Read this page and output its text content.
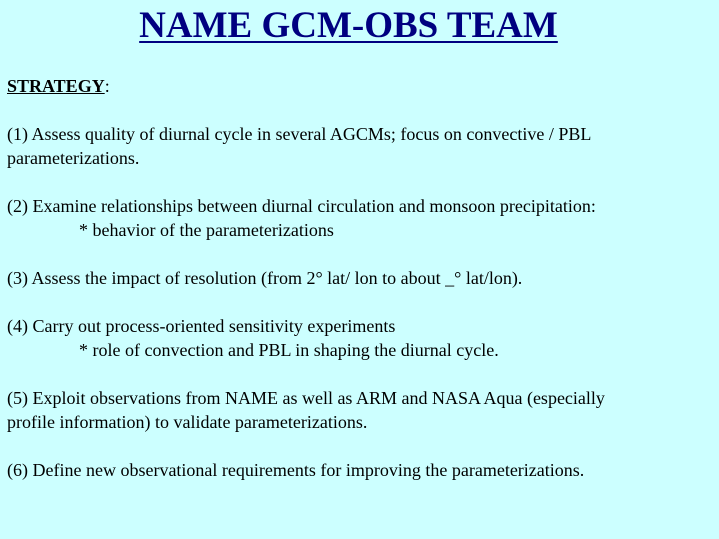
NAME GCM-OBS TEAM
STRATEGY:
(1) Assess quality of diurnal cycle in several AGCMs; focus on convective / PBL
parameterizations.
(2) Examine relationships between diurnal circulation and monsoon precipitation:
* behavior of the parameterizations
(3) Assess the impact of resolution (from 2° lat/ lon to about _° lat/lon).
(4) Carry out process-oriented sensitivity experiments
* role of convection and PBL in shaping the diurnal cycle.
(5) Exploit observations from NAME as well as ARM and NASA Aqua (especially
profile information) to validate parameterizations.
(6) Define new observational requirements for improving the parameterizations.
